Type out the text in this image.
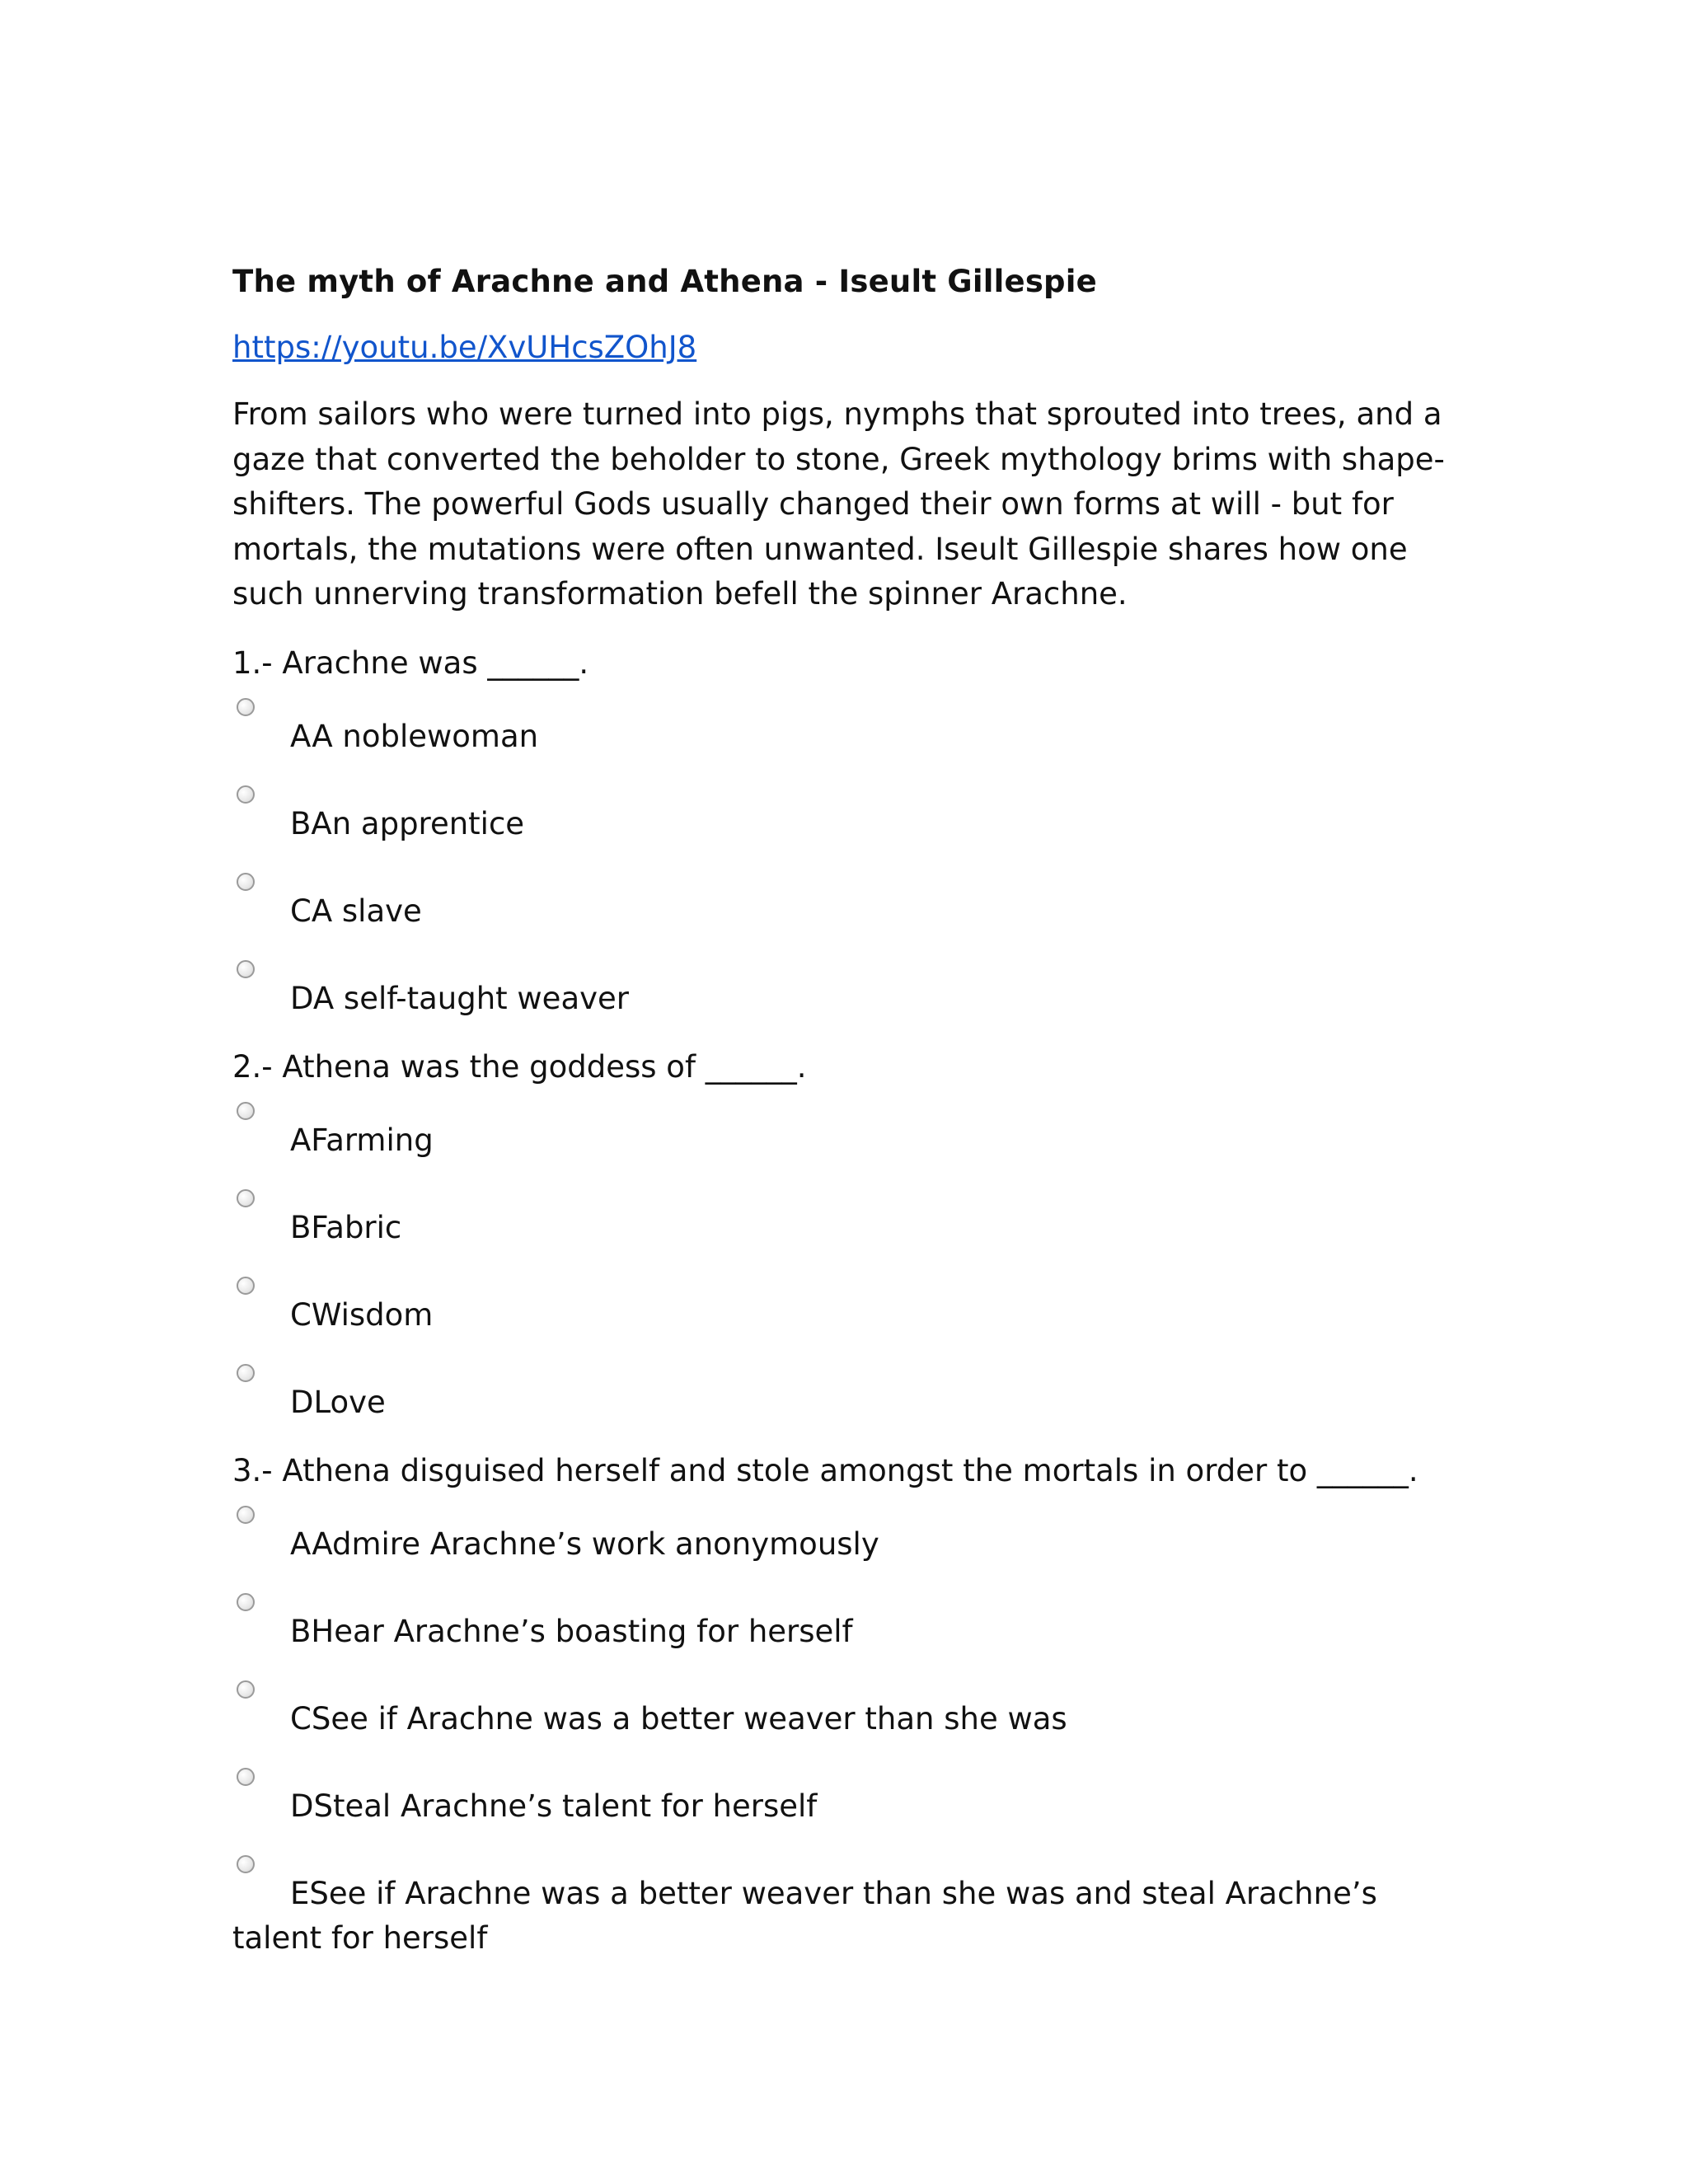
The myth of Arachne and Athena - Iseult Gillespie

https://youtu.be/XvUHcsZOhJ8

From sailors who were turned into pigs, nymphs that sprouted into trees, and a gaze that converted the beholder to stone, Greek mythology brims with shape-shifters. The powerful Gods usually changed their own forms at will - but for mortals, the mutations were often unwanted. Iseult Gillespie shares how one such unnerving transformation befell the spinner Arachne.

1.- Arachne was ______.

AA noblewoman
BAn apprentice
CA slave
DA self-taught weaver

2.- Athena was the goddess of ______.

AFarming
BFabric
CWisdom
DLove

3.- Athena disguised herself and stole amongst the mortals in order to ______.

AAdmire Arachne’s work anonymously
BHear Arachne’s boasting for herself
CSee if Arachne was a better weaver than she was
DSteal Arachne’s talent for herself
ESee if Arachne was a better weaver than she was and steal Arachne’s talent for herself
